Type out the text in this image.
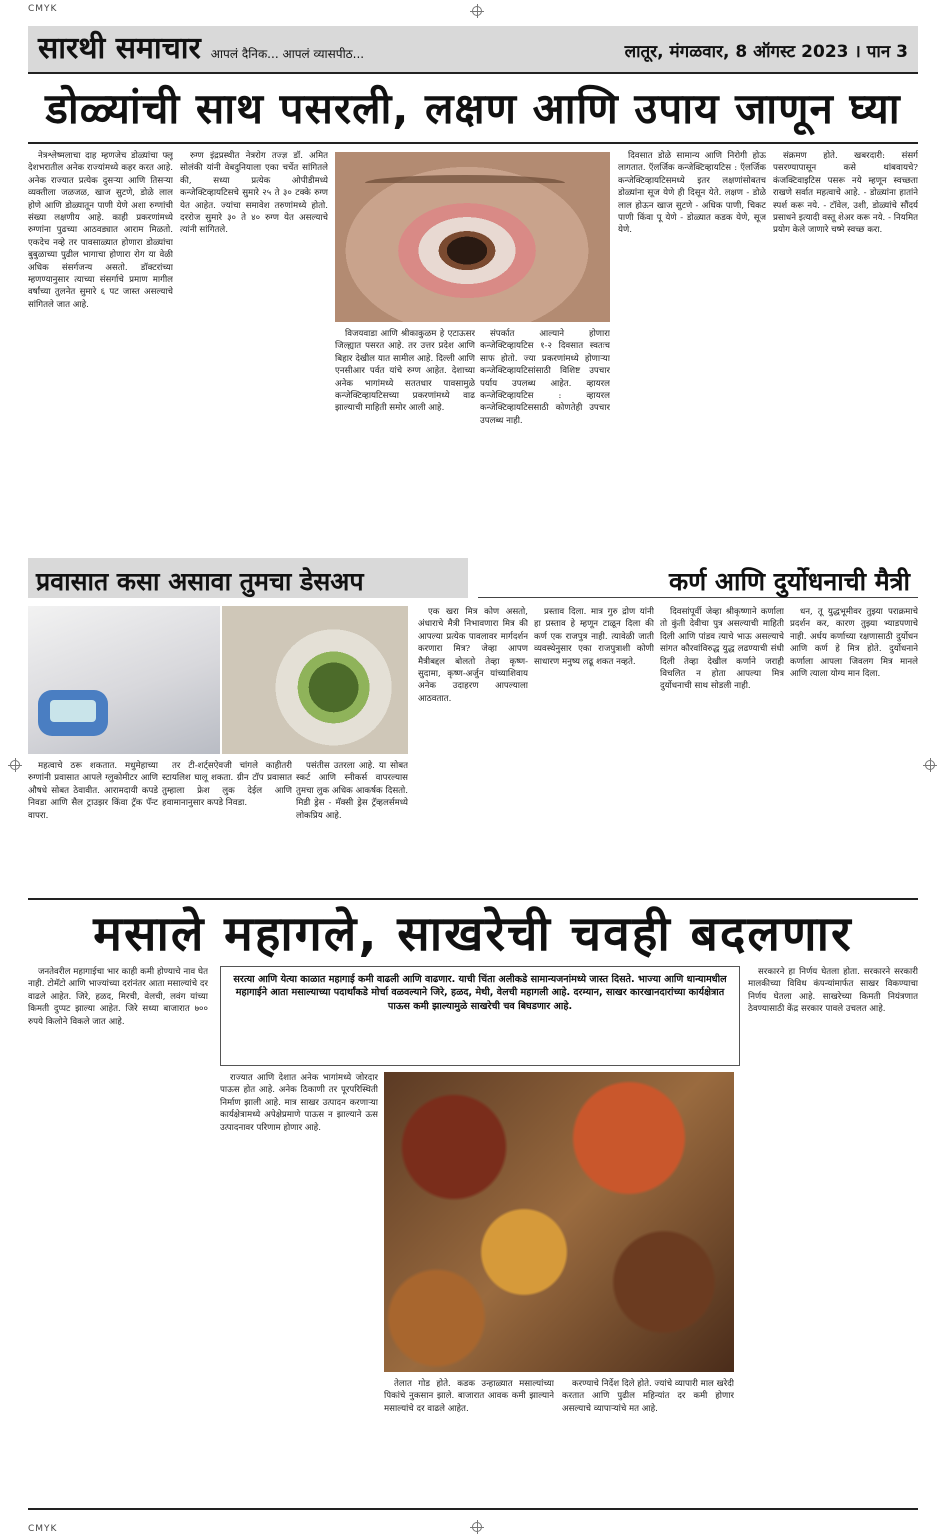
CMYK
CMYK
सारथी समाचार आपलं दैनिक... आपलं व्यासपीठ...	लातूर, मंगळवार, 8 ऑगस्ट 2023 । पान 3
डोळ्यांची साथ पसरली, लक्षण आणि उपाय जाणून घ्या

नेत्रश्लेष्मलाचा दाह म्हणजेच डोळ्यांचा फ्लू देशभरातील अनेक राज्यांमध्ये कहर करत आहे. अनेक राज्यात प्रत्येक दुसऱ्या आणि तिसऱ्या व्यक्तीला जळजळ, खाज सुटणे, डोळे लाल होणे आणि डोळ्यातून पाणी येणे अशा रुग्णांची संख्या लक्षणीय आहे. काही प्रकरणांमध्ये रुग्णांना पुढच्या आठवड्यात आराम मिळतो. एकदेच नव्हे तर पावसाळ्यात होणारा डोळ्यांचा बुबुळाच्या पुढील भागाचा होणारा रोग या वेळी अधिक संसर्गजन्य असतो. डॉक्टरांच्या म्हणण्यानुसार त्याच्या संसर्गाचे प्रमाण मागील वर्षांच्या तुलनेत सुमारे ६ पट जास्त असल्याचे सांगितले जात आहे.

रुग्ण इंद्रप्रस्थीत नेत्ररोग तज्ज्ञ डॉ. अमित सोलंकी यांनी वेबदुनियाला एका चर्चेत सांगितले की, सध्या प्रत्येक ओपीडीमध्ये कन्जेक्टिव्हायटिसचे सुमारे २५ ते ३० टक्के रुग्ण येत आहेत. ज्यांचा समावेश तरुणांमध्ये होतो. दररोज सुमारे ३० ते ४० रुग्ण येत असल्याचे त्यांनी सांगितले.

विजयवाडा आणि श्रीकाकुळम हे एटाऊसर जिल्ह्यात पसरत आहे. तर उत्तर प्रदेश आणि बिहार देखील यात सामील आहे. दिल्ली आणि एनसीआर पर्वत यांचे रुग्ण आहेत. देशाच्या अनेक भागांमध्ये सततधार पावसामुळे कन्जेक्टिव्हायटिसच्या प्रकरणांमध्ये वाढ झाल्याची माहिती समोर आली आहे.

संपर्कात आल्याने होणारा कन्जेक्टिव्हायटिस १-२ दिवसात स्वतःच साफ होतो. ज्या प्रकरणांमध्ये होणाऱ्या कन्जेक्टिव्हायटिसांसाठी विशिष्ट उपचार पर्याय उपलब्ध आहेत. व्हायरल कन्जेक्टिव्हायटिस : व्हायरल कन्जेक्टिव्हायटिससाठी कोणतेही उपचार उपलब्ध नाही.

दिवसात डोळे सामान्य आणि निरोगी होऊ लागतात. ऍलर्जिक कन्जेक्टिव्हायटिस : ऍलर्जिक कन्जेक्टिव्हायटिसमध्ये इतर लक्षणांसोबतच डोळ्यांना सूज येणे ही दिसून येते. लक्षण - डोळे लाल होऊन खाज सुटणे - अधिक पाणी, चिकट पाणी किंवा पू येणे - डोळ्यात कडक येणे, सूज येणे.

संक्रमण होते. खबरदारी: संसर्ग पसरण्यापासून कसे थांबवायचे? कंजक्टिवाइटिस पसरू नये म्हणून स्वच्छता राखणे सर्वात महत्वाचे आहे. - डोळ्यांना हातांने स्पर्श करू नये. - टॉवेल, उशी, डोळ्यांचे सौंदर्य प्रसाधने इत्यादी वस्तू शेअर करू नये. - नियमित प्रयोग केले जाणारे चष्मे स्वच्छ करा.

प्रवासात कसा असावा तुमचा डेसअप

महत्वाचे ठरू शकतात. मधुमेहाच्या रुग्णांनी प्रवासात आपले ग्लुकोमीटर आणि औषधे सोबत ठेवावीत. आरामदायी कपडे निवडा आणि सैल ट्राउझर किंवा ट्रॅक पॅन्ट वापरा.

तर टी-शर्ट्सऐवजी चांगले काहीतरी स्टायलिश घालू शकता. ग्रीन टॉप प्रवासात तुम्हाला फ्रेश लुक देईल आणि हवामानानुसार कपडे निवडा.

पसंतीस उतरला आहे. या सोबत स्कर्ट आणि स्नीकर्स वापरल्यास तुमचा लुक अधिक आकर्षक दिसतो. मिडी ड्रेस - मॅक्सी ड्रेस ट्रॅव्हलर्समध्ये लोकप्रिय आहे.

कर्ण आणि दुर्योधनाची मैत्री

एक खरा मित्र कोण असतो, अंधाराचे मैत्री निभावणारा मित्र की आपल्या प्रत्येक पावलावर मार्गदर्शन करणारा मित्र? जेव्हा आपण मैत्रीबद्दल बोलतो तेव्हा कृष्ण-सुदामा, कृष्ण-अर्जुन यांच्याशिवाय अनेक उदाहरण आपल्याला आठवतात.

प्रस्ताव दिला. मात्र गुरु द्रोण यांनी हा प्रस्ताव हे म्हणून टाळून दिला की कर्ण एक राजपुत्र नाही. त्यावेळी जाती व्यवस्थेनुसार एका राजपुत्राशी कोणी साधारण मनुष्य लढू शकत नव्हते.

दिवसांपूर्वी जेव्हा श्रीकृष्णाने कर्णाला तो कुंती देवीचा पुत्र असल्याची माहिती दिली आणि पांडव त्याचे भाऊ असल्याचे सांगत कौरवांविरुद्ध युद्ध लढण्याची संधी दिली तेव्हा देखील कर्णाने जराही विचलित न होता आपल्या मित्र दुर्योधनाची साथ सोडली नाही.

धन, तू युद्धभूमीवर तुझ्या पराक्रमाचे प्रदर्शन कर, कारण तुझ्या भ्याडपणाचे नाही. अर्धय कर्णाच्या रक्षणासाठी दुर्योधन आणि कर्ण हे मित्र होते. दुर्योधनाने कर्णाला आपला जिवलग मित्र मानले आणि त्याला योग्य मान दिला.

मसाले महागले, साखरेची चवही बदलणार

सरत्या आणि येत्या काळात महागाई कमी वाढली आणि वाढणार. याची चिंता अलीकडे सामान्यजनांमध्ये जास्त दिसते. भाज्या आणि धान्यामधील महागाईने आता मसाल्याच्या पदार्थांकडे मोर्चा वळवल्याने जिरे, हळद, मेथी, वेलची महागली आहे. दरम्यान, साखर कारखानदारांच्या कार्यक्षेत्रात पाऊस कमी झाल्यामुळे साखरेची चव बिघडणार आहे.

जनतेवरील महागाईचा भार काही कमी होण्याचे नाव घेत नाही. टोमॅटो आणि भाज्यांच्या दरांनंतर आता मसाल्यांचे दर वाढले आहेत. जिरे, हळद, मिरची, वेलची, लवंग यांच्या किमती दुप्पट झाल्या आहेत. जिरे सध्या बाजारात ७०० रुपये किलोने विकले जात आहे.

राज्यात आणि देशात अनेक भागांमध्ये जोरदार पाऊस होत आहे. अनेक ठिकाणी तर पूरपरिस्थिती निर्माण झाली आहे. मात्र साखर उत्पादन करणाऱ्या कार्यक्षेत्रामध्ये अपेक्षेप्रमाणे पाऊस न झाल्याने ऊस उत्पादनावर परिणाम होणार आहे.

तेलात गोड होते. कडक उन्हाळ्यात मसाल्यांच्या पिकांचे नुकसान झाले. बाजारात आवक कमी झाल्याने मसाल्यांचे दर वाढले आहेत.

करण्याचे निर्देश दिले होते. ज्यांचे व्यापारी माल खरेदी करतात आणि पुढील महिन्यांत दर कमी होणार असल्याचे व्यापाऱ्यांचे मत आहे.

सरकारने हा निर्णय घेतला होता. सरकारने सरकारी मालकीच्या विविध कंपन्यांमार्फत साखर विकण्याचा निर्णय घेतला आहे. साखरेच्या किमती नियंत्रणात ठेवण्यासाठी केंद्र सरकार पावले उचलत आहे.
